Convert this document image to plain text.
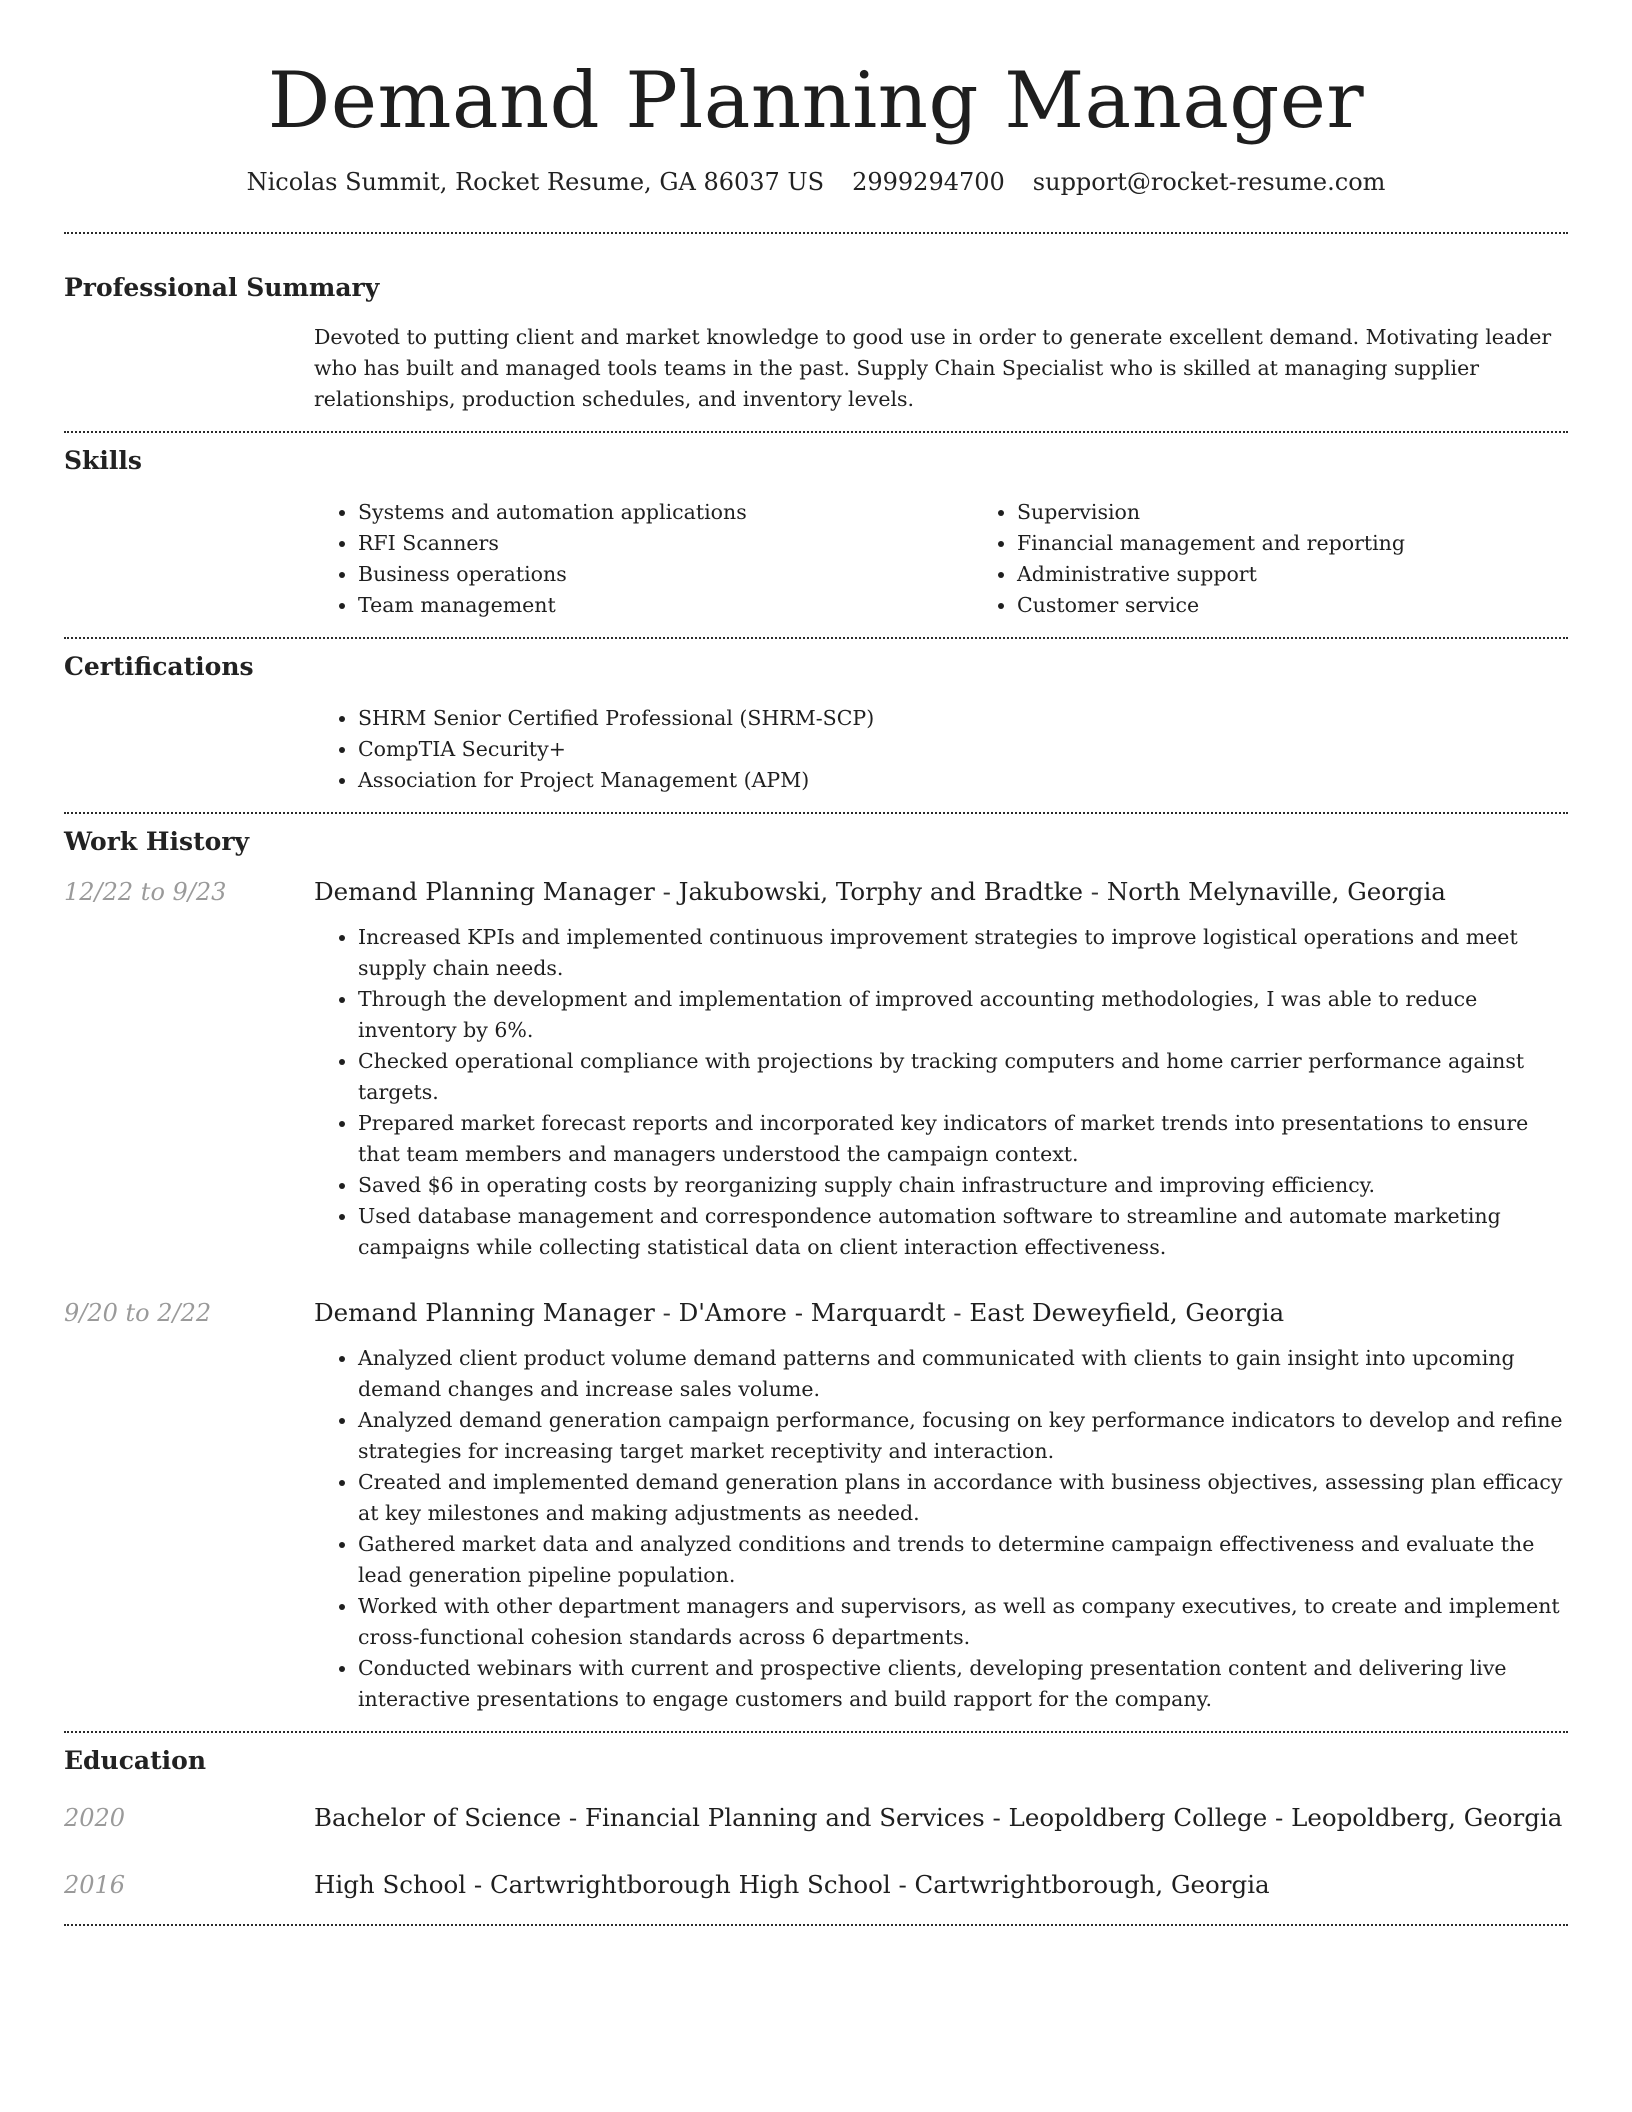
Demand Planning Manager
Nicolas Summit, Rocket Resume, GA 86037 US 2999294700 support@rocket-resume.com
Professional Summary

Devoted to putting client and market knowledge to good use in order to generate excellent demand. Motivating leader who has built and managed tools teams in the past. Supply Chain Specialist who is skilled at managing supplier relationships, production schedules, and inventory levels.

Skills
• Systems and automation applications
• RFI Scanners
• Business operations
• Team management
• Supervision
• Financial management and reporting
• Administrative support
• Customer service
Certifications
• SHRM Senior Certified Professional (SHRM-SCP)
• CompTIA Security+
• Association for Project Management (APM)
Work History
12/22 to 9/23	Demand Planning Manager - Jakubowski, Torphy and Bradtke - North Melynaville, Georgia
• Increased KPIs and implemented continuous improvement strategies to improve logistical operations and meet supply chain needs.
• Through the development and implementation of improved accounting methodologies, I was able to reduce inventory by 6%.
• Checked operational compliance with projections by tracking computers and home carrier performance against targets.
• Prepared market forecast reports and incorporated key indicators of market trends into presentations to ensure that team members and managers understood the campaign context.
• Saved $6 in operating costs by reorganizing supply chain infrastructure and improving efficiency.
• Used database management and correspondence automation software to streamline and automate marketing campaigns while collecting statistical data on client interaction effectiveness.
9/20 to 2/22	Demand Planning Manager - D'Amore - Marquardt - East Deweyfield, Georgia
• Analyzed client product volume demand patterns and communicated with clients to gain insight into upcoming demand changes and increase sales volume.
• Analyzed demand generation campaign performance, focusing on key performance indicators to develop and refine strategies for increasing target market receptivity and interaction.
• Created and implemented demand generation plans in accordance with business objectives, assessing plan efficacy at key milestones and making adjustments as needed.
• Gathered market data and analyzed conditions and trends to determine campaign effectiveness and evaluate the lead generation pipeline population.
• Worked with other department managers and supervisors, as well as company executives, to create and implement cross-functional cohesion standards across 6 departments.
• Conducted webinars with current and prospective clients, developing presentation content and delivering live interactive presentations to engage customers and build rapport for the company.
Education
2020	Bachelor of Science - Financial Planning and Services - Leopoldberg College - Leopoldberg, Georgia
2016	High School - Cartwrightborough High School - Cartwrightborough, Georgia
